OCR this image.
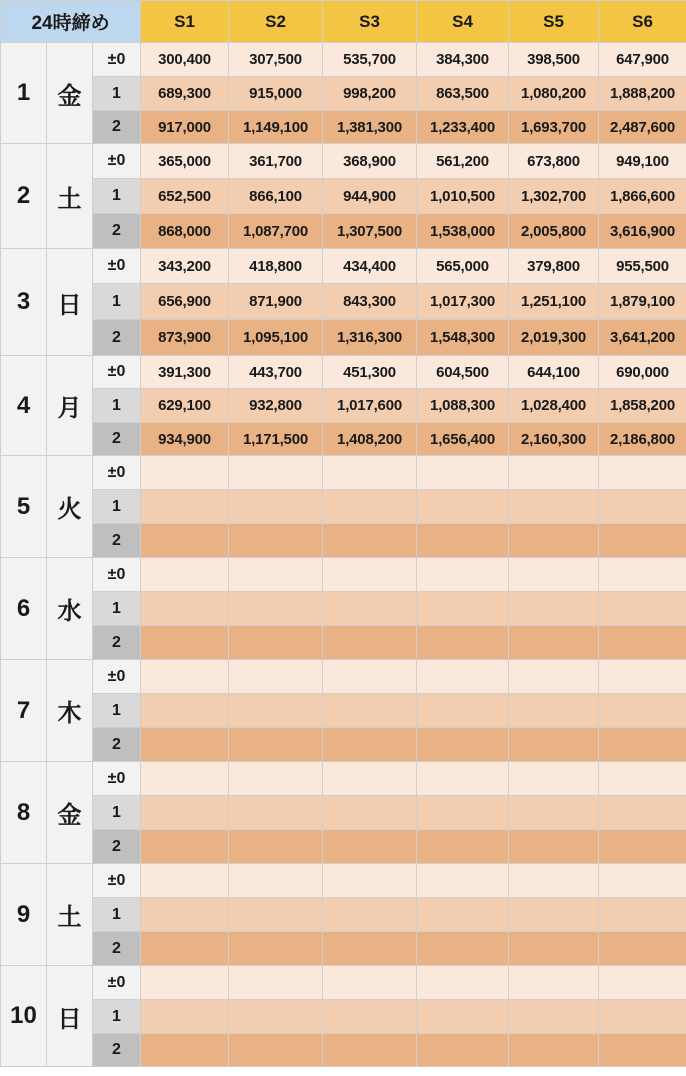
24時締め			S1	S2	S3	S4	S5	S6
1	金	±0	300,400	307,500	535,700	384,300	398,500	647,900
		1	689,300	915,000	998,200	863,500	1,080,200	1,888,200
		2	917,000	1,149,100	1,381,300	1,233,400	1,693,700	2,487,600
2	土	±0	365,000	361,700	368,900	561,200	673,800	949,100
		1	652,500	866,100	944,900	1,010,500	1,302,700	1,866,600
		2	868,000	1,087,700	1,307,500	1,538,000	2,005,800	3,616,900
3	日	±0	343,200	418,800	434,400	565,000	379,800	955,500
		1	656,900	871,900	843,300	1,017,300	1,251,100	1,879,100
		2	873,900	1,095,100	1,316,300	1,548,300	2,019,300	3,641,200
4	月	±0	391,300	443,700	451,300	604,500	644,100	690,000
		1	629,100	932,800	1,017,600	1,088,300	1,028,400	1,858,200
		2	934,900	1,171,500	1,408,200	1,656,400	2,160,300	2,186,800
5	火	±0						
		1						
		2						
6	水	±0						
		1						
		2						
7	木	±0						
		1						
		2						
8	金	±0						
		1						
		2						
9	土	±0						
		1						
		2						
10	日	±0						
		1						
		2						
